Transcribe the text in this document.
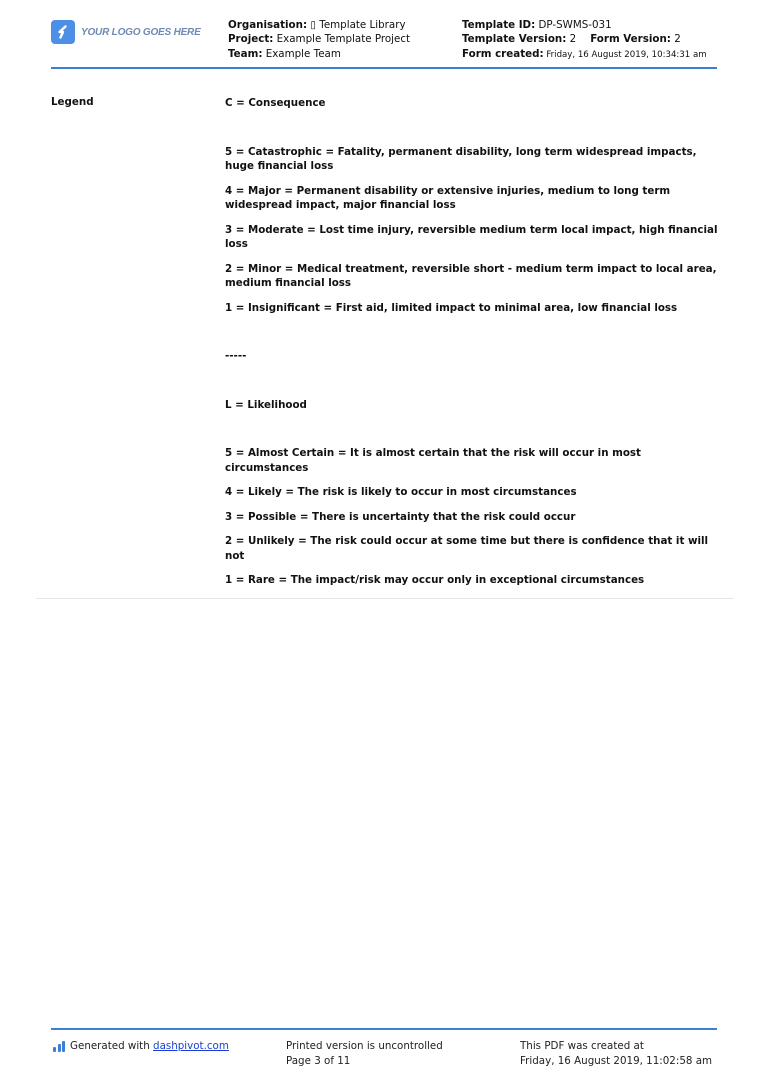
YOUR LOGO GOES HERE
Organisation: ▯ Template Library
Project: Example Template Project
Team: Example Team
Template ID: DP-SWMS-031
Template Version: 2 Form Version: 2
Form created: Friday, 16 August 2019, 10:34:31 am
Legend	C = Consequence

5 = Catastrophic = Fatality, permanent disability, long term widespread impacts, huge financial loss

4 = Major = Permanent disability or extensive injuries, medium to long term widespread impact, major financial loss

3 = Moderate = Lost time injury, reversible medium term local impact, high financial loss

2 = Minor = Medical treatment, reversible short - medium term impact to local area, medium financial loss

1 = Insignificant = First aid, limited impact to minimal area, low financial loss

-----

L = Likelihood

5 = Almost Certain = It is almost certain that the risk will occur in most circumstances

4 = Likely = The risk is likely to occur in most circumstances

3 = Possible = There is uncertainty that the risk could occur

2 = Unlikely = The risk could occur at some time but there is confidence that it will not

1 = Rare = The impact/risk may occur only in exceptional circumstances

Generated with
dashpivot.com	Printed version is uncontrolled
Page 3 of 11
This PDF was created at
Friday, 16 August 2019, 11:02:58 am
